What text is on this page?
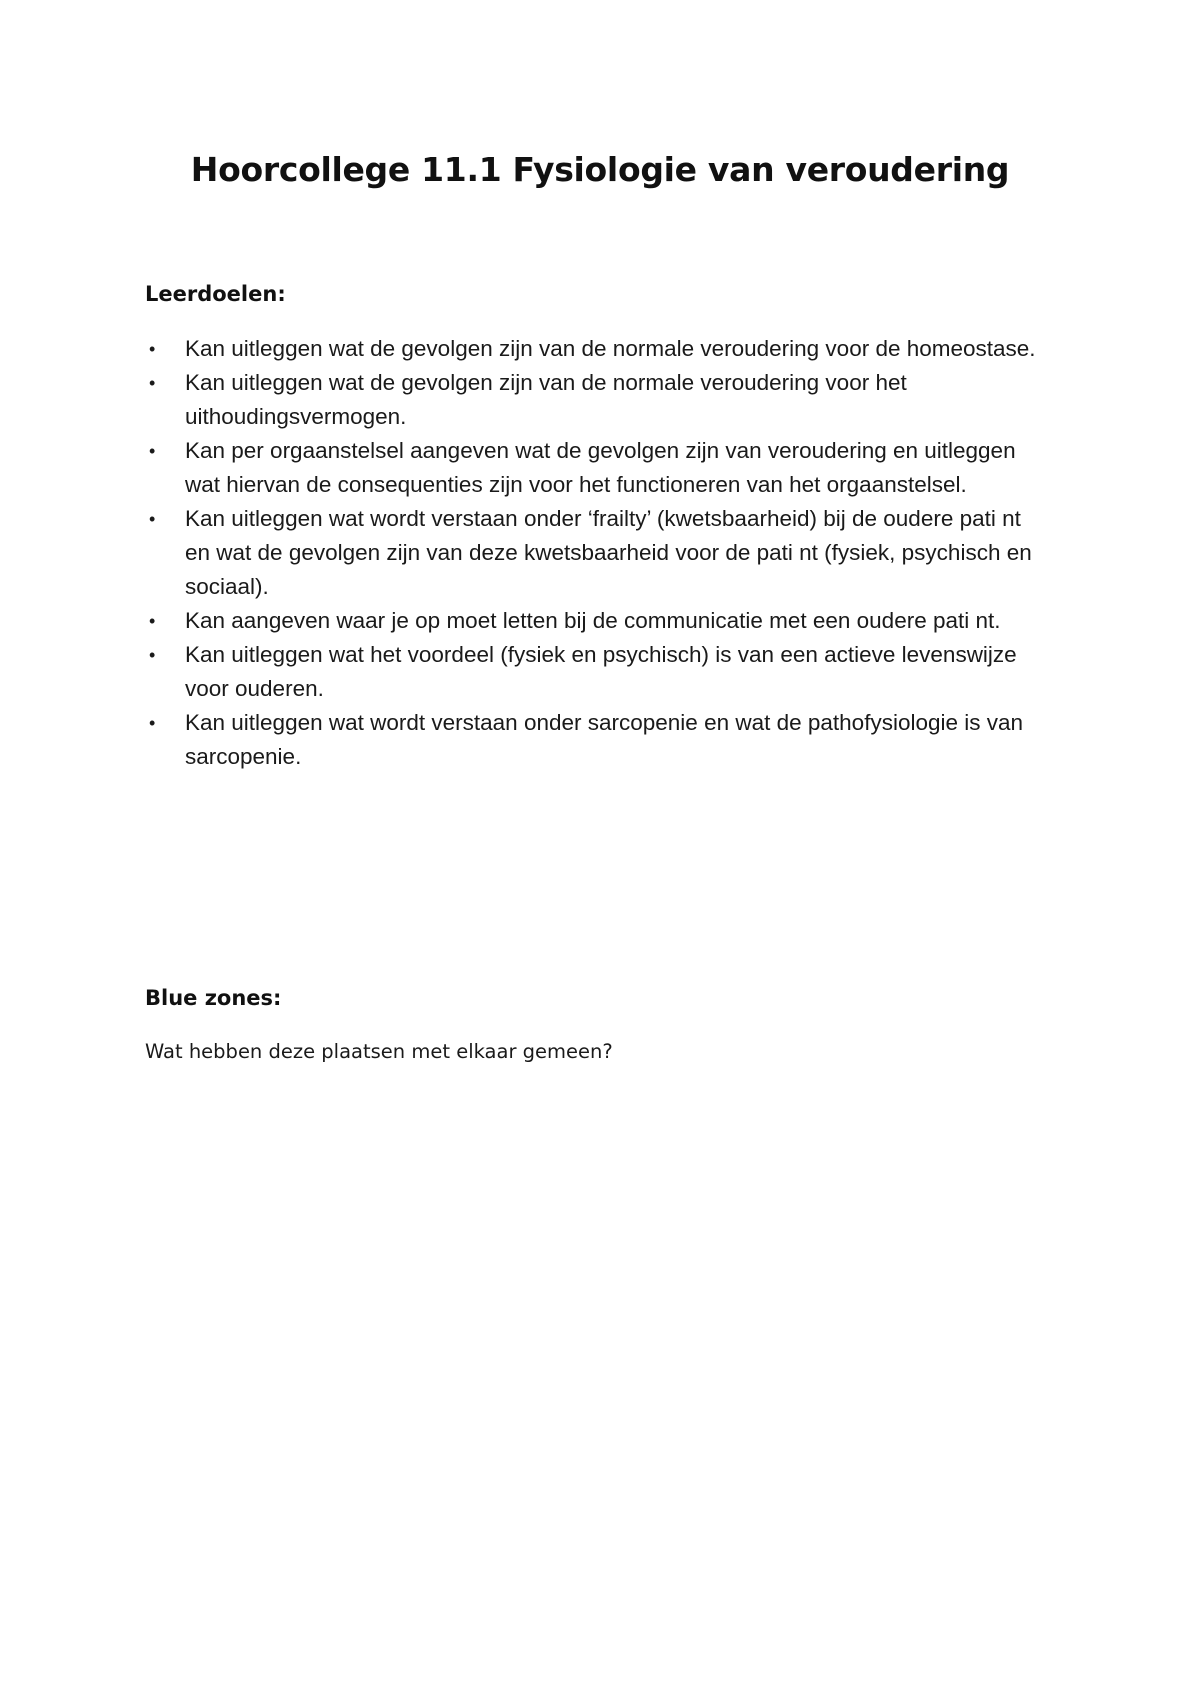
Hoorcollege 11.1 Fysiologie van veroudering
Leerdoelen:
• Kan uitleggen wat de gevolgen zijn van de normale veroudering voor de homeostase.
• Kan uitleggen wat de gevolgen zijn van de normale veroudering voor het uithoudingsvermogen.
• Kan per orgaanstelsel aangeven wat de gevolgen zijn van veroudering en uitleggen wat hiervan de consequenties zijn voor het functioneren van het orgaanstelsel.
• Kan uitleggen wat wordt verstaan onder ‘frailty’ (kwetsbaarheid) bij de oudere pati nt en wat de gevolgen zijn van deze kwetsbaarheid voor de pati nt (fysiek, psychisch en sociaal).
• Kan aangeven waar je op moet letten bij de communicatie met een oudere pati nt.
• Kan uitleggen wat het voordeel (fysiek en psychisch) is van een actieve levenswijze voor ouderen.
• Kan uitleggen wat wordt verstaan onder sarcopenie en wat de pathofysiologie is van sarcopenie.
Blue zones:

Wat hebben deze plaatsen met elkaar gemeen?
